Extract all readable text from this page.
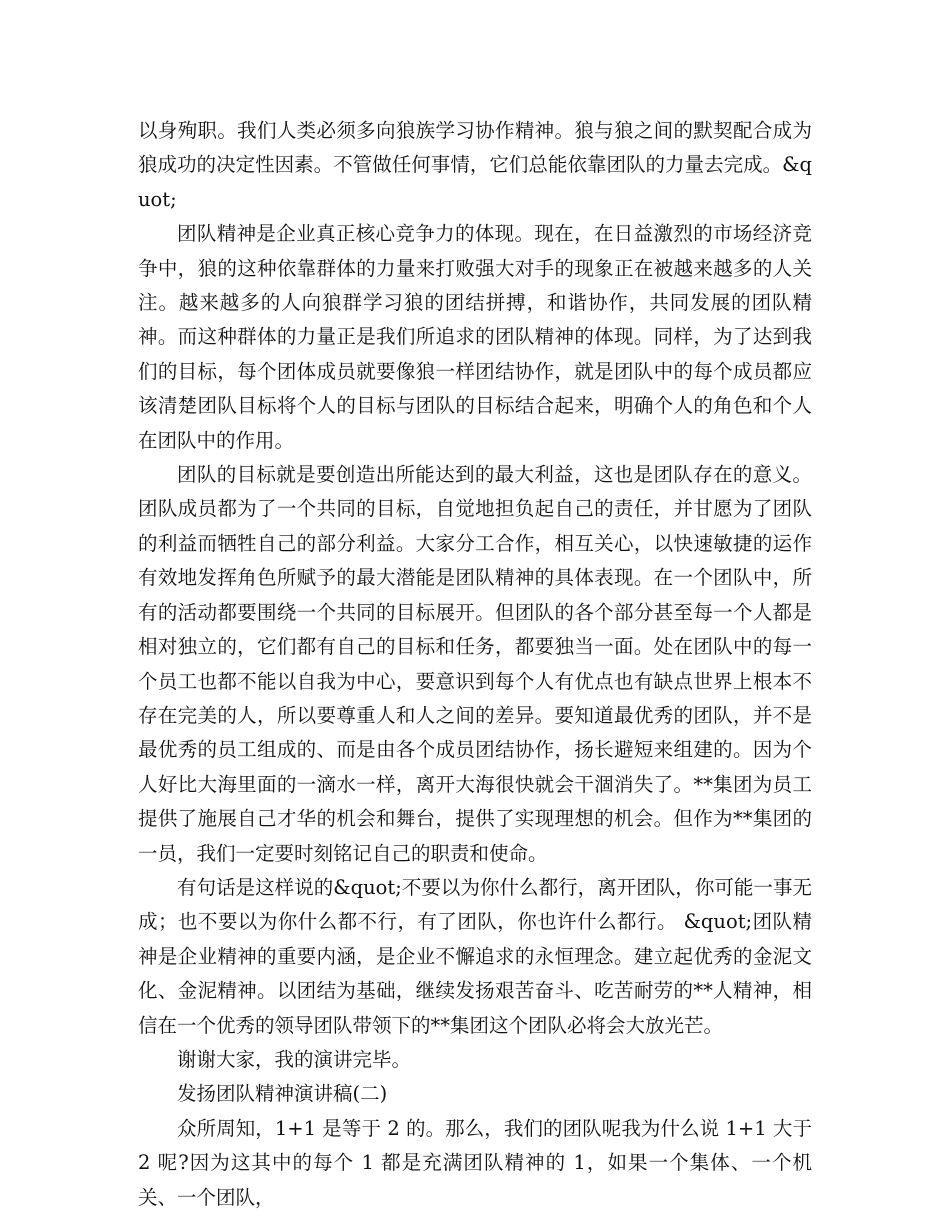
以身殉职。我们人类必须多向狼族学习协作精神。狼与狼之间的默契配合成为狼成功的决定性因素。不管做任何事情，它们总能依靠团队的力量去完成。&quot;

团队精神是企业真正核心竞争力的体现。现在，在日益激烈的市场经济竞争中，狼的这种依靠群体的力量来打败强大对手的现象正在被越来越多的人关注。越来越多的人向狼群学习狼的团结拼搏，和谐协作，共同发展的团队精神。而这种群体的力量正是我们所追求的团队精神的体现。同样，为了达到我们的目标，每个团体成员就要像狼一样团结协作，就是团队中的每个成员都应该清楚团队目标将个人的目标与团队的目标结合起来，明确个人的角色和个人在团队中的作用。

团队的目标就是要创造出所能达到的最大利益，这也是团队存在的意义。团队成员都为了一个共同的目标，自觉地担负起自己的责任，并甘愿为了团队的利益而牺牲自己的部分利益。大家分工合作，相互关心，以快速敏捷的运作有效地发挥角色所赋予的最大潜能是团队精神的具体表现。在一个团队中，所有的活动都要围绕一个共同的目标展开。但团队的各个部分甚至每一个人都是相对独立的，它们都有自己的目标和任务，都要独当一面。处在团队中的每一个员工也都不能以自我为中心，要意识到每个人有优点也有缺点世界上根本不存在完美的人，所以要尊重人和人之间的差异。要知道最优秀的团队，并不是最优秀的员工组成的、而是由各个成员团结协作，扬长避短来组建的。因为个人好比大海里面的一滴水一样，离开大海很快就会干涸消失了。**集团为员工提供了施展自己才华的机会和舞台，提供了实现理想的机会。但作为**集团的一员，我们一定要时刻铭记自己的职责和使命。

有句话是这样说的&quot;不要以为你什么都行，离开团队，你可能一事无成；也不要以为你什么都不行，有了团队，你也许什么都行。 &quot;团队精神是企业精神的重要内涵，是企业不懈追求的永恒理念。建立起优秀的金泥文化、金泥精神。以团结为基础，继续发扬艰苦奋斗、吃苦耐劳的**人精神，相信在一个优秀的领导团队带领下的**集团这个团队必将会大放光芒。

谢谢大家，我的演讲完毕。

发扬团队精神演讲稿(二)

众所周知，1+1 是等于 2 的。那么，我们的团队呢我为什么说 1+1 大于 2 呢?因为这其中的每个 1 都是充满团队精神的 1，如果一个集体、一个机关、一个团队，
